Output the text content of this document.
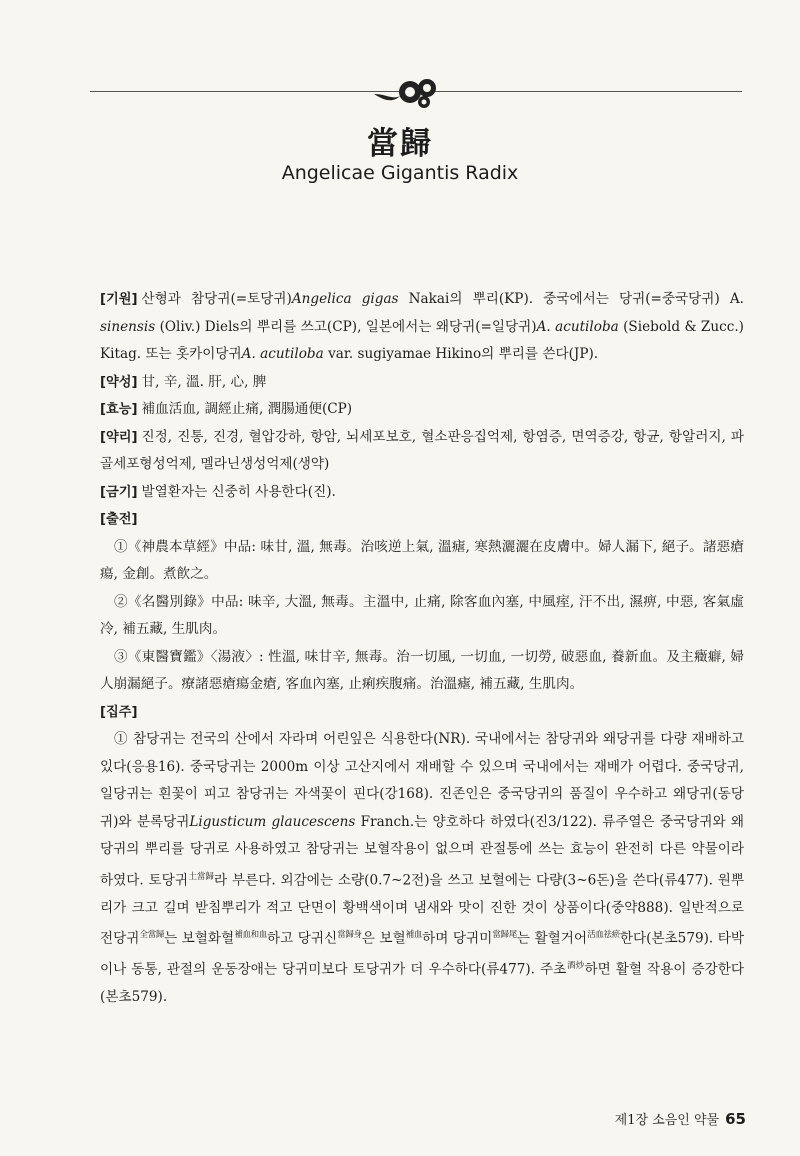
當歸
Angelicae Gigantis Radix

[기원] 산형과 참당귀(=토당귀)Angelica gigas Nakai의 뿌리(KP). 중국에서는 당귀(=중국당귀) A. sinensis (Oliv.) Diels의 뿌리를 쓰고(CP), 일본에서는 왜당귀(=일당귀)A. acutiloba (Siebold & Zucc.) Kitag. 또는 홋카이당귀A. acutiloba var. sugiyamae Hikino의 뿌리를 쓴다(JP).

[약성] 甘, 辛, 溫. 肝, 心, 脾

[효능] 補血活血, 調經止痛, 潤腸通便(CP)

[약리] 진정, 진통, 진경, 혈압강하, 항암, 뇌세포보호, 혈소판응집억제, 항염증, 면역증강, 항균, 항알러지, 파골세포형성억제, 멜라닌생성억제(생약)

[금기] 발열환자는 신중히 사용한다(진).

[출전]

①《神農本草經》中品: 味甘, 溫, 無毒。治咳逆上氣, 溫瘧, 寒熱灑灑在皮膚中。婦人漏下, 絕子。諸惡瘡瘍, 金創。煮飮之。

②《名醫別錄》中品: 味辛, 大溫, 無毒。主溫中, 止痛, 除客血內塞, 中風痓, 汗不出, 濕痹, 中惡, 客氣虛冷, 補五藏, 生肌肉。

③《東醫寶鑑》〈湯液〉: 性溫, 味甘辛, 無毒。治一切風, 一切血, 一切勞, 破惡血, 養新血。及主癥癖, 婦人崩漏絕子。療諸惡瘡瘍金瘡, 客血內塞, 止痢疾腹痛。治溫瘧, 補五藏, 生肌肉。

[집주]

① 참당귀는 전국의 산에서 자라며 어린잎은 식용한다(NR). 국내에서는 참당귀와 왜당귀를 다량 재배하고 있다(응용16). 중국당귀는 2000m 이상 고산지에서 재배할 수 있으며 국내에서는 재배가 어렵다. 중국당귀, 일당귀는 흰꽃이 피고 참당귀는 자색꽃이 핀다(강168). 진존인은 중국당귀의 품질이 우수하고 왜당귀(동당귀)와 분록당귀Ligusticum glaucescens Franch.는 양호하다 하였다(진3/122). 류주열은 중국당귀와 왜당귀의 뿌리를 당귀로 사용하였고 참당귀는 보혈작용이 없으며 관절통에 쓰는 효능이 완전히 다른 약물이라 하였다. 토당귀$^{土當歸}$라 부른다. 외감에는 소량(0.7~2전)을 쓰고 보혈에는 다량(3~6돈)을 쓴다(류477). 원뿌리가 크고 길며 받침뿌리가 적고 단면이 황백색이며 냄새와 맛이 진한 것이 상품이다(중약888). 일반적으로 전당귀$^{全當歸}$는 보혈화혈$^{補血和血}$하고 당귀신$^{當歸身}$은 보혈$^{補血}$하며 당귀미$^{當歸尾}$는 활혈거어$^{活血祛瘀}$한다(본초579). 타박이나 동통, 관절의 운동장애는 당귀미보다 토당귀가 더 우수하다(류477). 주초$^{酒炒}$하면 활혈 작용이 증강한다(본초579).

제1장 소음인 약물 65
